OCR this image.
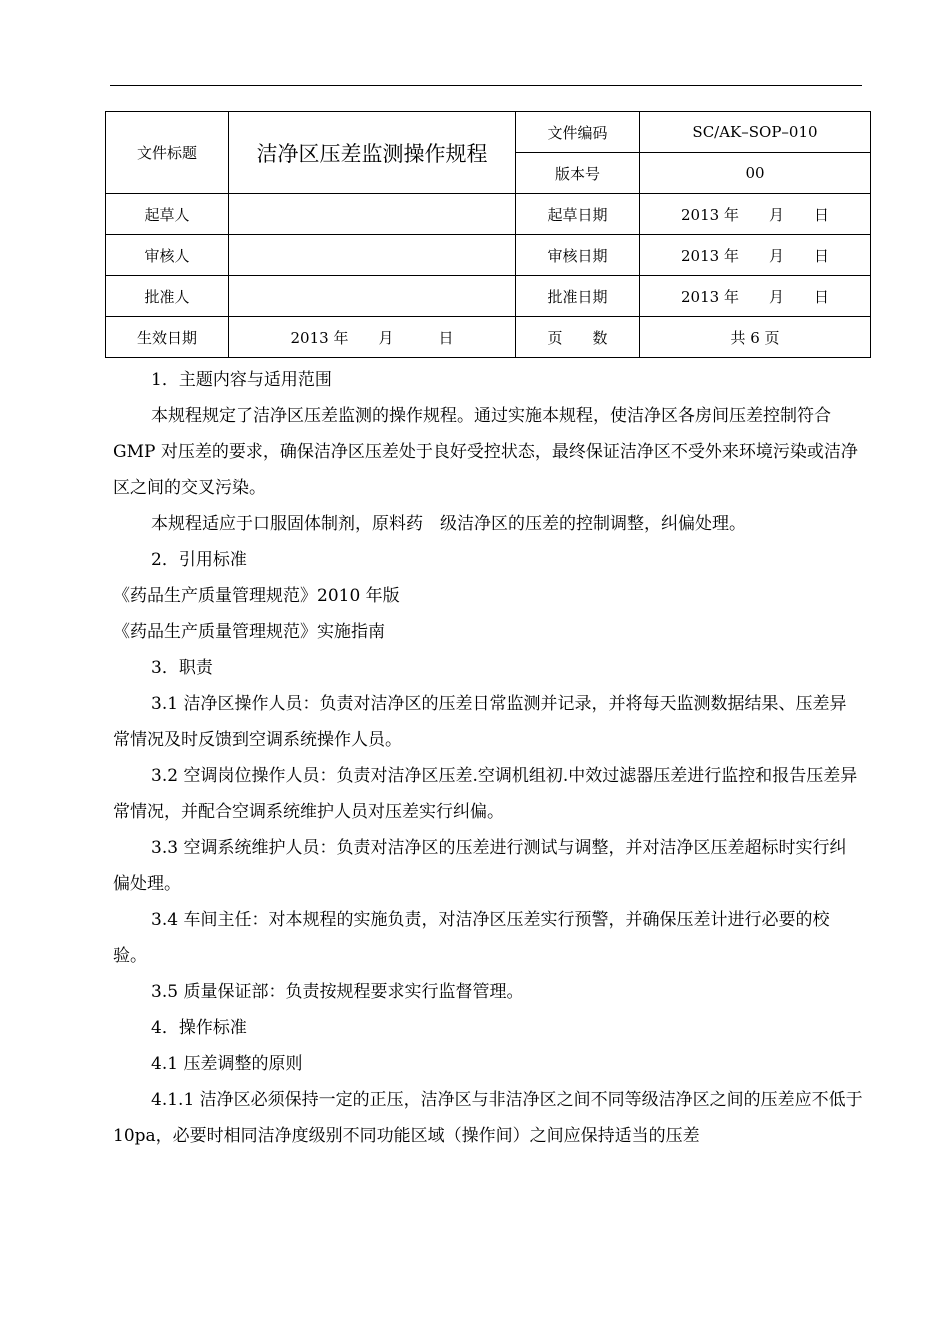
文件标题	洁净区压差监测操作规程	文件编码	SC/AK–SOP–010
		版本号	00
起草人		起草日期	2013 年　　月　　日
审核人		审核日期	2013 年　　月　　日
批准人		批准日期	2013 年　　月　　日
生效日期	2013 年　　月　　　日	页　　数	共 6 页

1．主题内容与适用范围

本规程规定了洁净区压差监测的操作规程。通过实施本规程，使洁净区各房间压差控制符合 GMP 对压差的要求，确保洁净区压差处于良好受控状态，最终保证洁净区不受外来环境污染或洁净区之间的交叉污染。

本规程适应于口服固体制剂，原料药　级洁净区的压差的控制调整，纠偏处理。

2．引用标准

《药品生产质量管理规范》2010 年版

《药品生产质量管理规范》实施指南

3．职责

3.1 洁净区操作人员：负责对洁净区的压差日常监测并记录，并将每天监测数据结果、压差异常情况及时反馈到空调系统操作人员。

3.2 空调岗位操作人员：负责对洁净区压差.空调机组初.中效过滤器压差进行监控和报告压差异常情况，并配合空调系统维护人员对压差实行纠偏。

3.3 空调系统维护人员：负责对洁净区的压差进行测试与调整，并对洁净区压差超标时实行纠偏处理。

3.4 车间主任：对本规程的实施负责，对洁净区压差实行预警，并确保压差计进行必要的校验。

3.5 质量保证部：负责按规程要求实行监督管理。

4．操作标准

4.1 压差调整的原则

4.1.1 洁净区必须保持一定的正压，洁净区与非洁净区之间不同等级洁净区之间的压差应不低于 10pa，必要时相同洁净度级别不同功能区域（操作间）之间应保持适当的压差
